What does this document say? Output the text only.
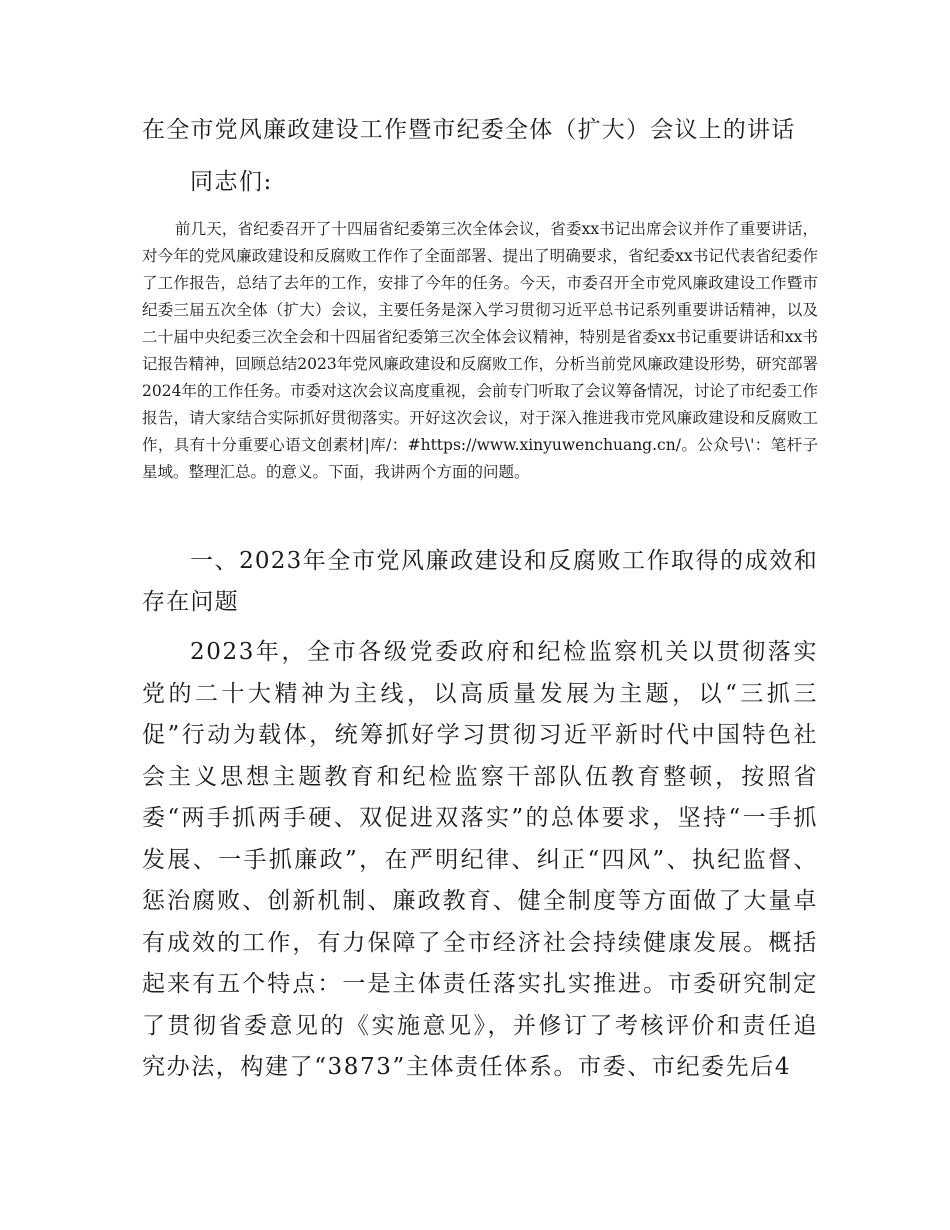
在全市党风廉政建设工作暨市纪委全体（扩大）会议上的讲话

同志们:

前几天，省纪委召开了十四届省纪委第三次全体会议，省委xx书记出席会议并作了重要讲话，对今年的党风廉政建设和反腐败工作作了全面部署、提出了明确要求，省纪委xx书记代表省纪委作了工作报告，总结了去年的工作，安排了今年的任务。今天，市委召开全市党风廉政建设工作暨市纪委三届五次全体（扩大）会议，主要任务是深入学习贯彻习近平总书记系列重要讲话精神，以及二十届中央纪委三次全会和十四届省纪委第三次全体会议精神，特别是省委xx书记重要讲话和xx书记报告精神，回顾总结2023年党风廉政建设和反腐败工作，分析当前党风廉政建设形势，研究部署2024年的工作任务。市委对这次会议高度重视，会前专门听取了会议筹备情况，讨论了市纪委工作报告，请大家结合实际抓好贯彻落实。开好这次会议，对于深入推进我市党风廉政建设和反腐败工作，具有十分重要心语文创素材|库/：#https://www.xinyuwenchuang.cn/。公众号\'：笔杆子星域。整理汇总。的意义。下面，我讲两个方面的问题。

一、2023年全市党风廉政建设和反腐败工作取得的成效和存在问题

2023年，全市各级党委政府和纪检监察机关以贯彻落实党的二十大精神为主线，以高质量发展为主题，以“三抓三促”行动为载体，统筹抓好学习贯彻习近平新时代中国特色社会主义思想主题教育和纪检监察干部队伍教育整顿，按照省委“两手抓两手硬、双促进双落实”的总体要求，坚持“一手抓发展、一手抓廉政”，在严明纪律、纠正“四风”、执纪监督、惩治腐败、创新机制、廉政教育、健全制度等方面做了大量卓有成效的工作，有力保障了全市经济社会持续健康发展。概括起来有五个特点：一是主体责任落实扎实推进。市委研究制定了贯彻省委意见的《实施意见》，并修订了考核评价和责任追究办法，构建了“3873”主体责任体系。市委、市纪委先后4
